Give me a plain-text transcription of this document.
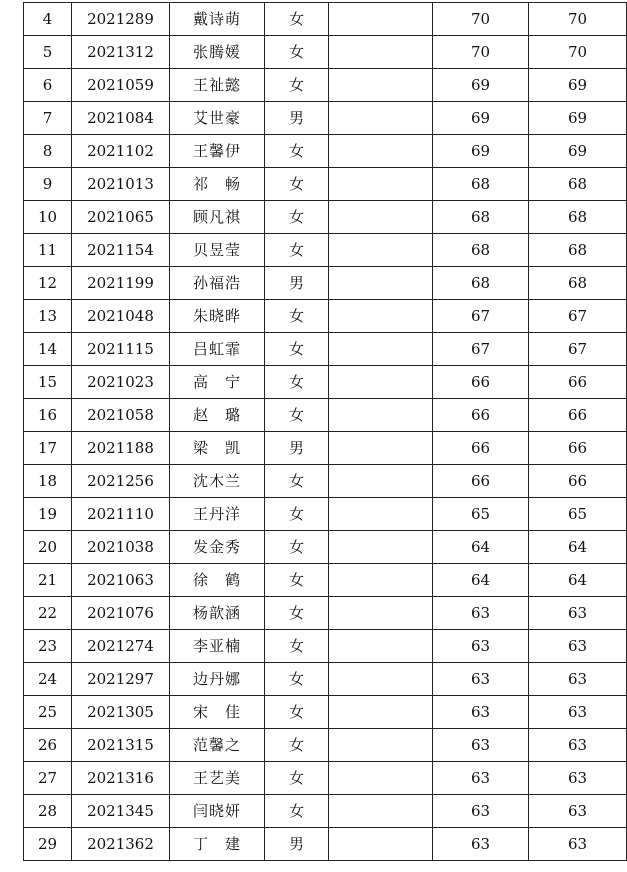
4	2021289	戴诗萌	女		70	70
5	2021312	张腾媛	女		70	70
6	2021059	王祉懿	女		69	69
7	2021084	艾世豪	男		69	69
8	2021102	王馨伊	女		69	69
9	2021013	祁　畅	女		68	68
10	2021065	顾凡祺	女		68	68
11	2021154	贝昱莹	女		68	68
12	2021199	孙福浩	男		68	68
13	2021048	朱晓晔	女		67	67
14	2021115	吕虹霏	女		67	67
15	2021023	高　宁	女		66	66
16	2021058	赵　璐	女		66	66
17	2021188	梁　凯	男		66	66
18	2021256	沈木兰	女		66	66
19	2021110	王丹洋	女		65	65
20	2021038	发金秀	女		64	64
21	2021063	徐　鹤	女		64	64
22	2021076	杨歆涵	女		63	63
23	2021274	李亚楠	女		63	63
24	2021297	边丹娜	女		63	63
25	2021305	宋　佳	女		63	63
26	2021315	范馨之	女		63	63
27	2021316	王艺美	女		63	63
28	2021345	闫晓妍	女		63	63
29	2021362	丁　建	男		63	63
